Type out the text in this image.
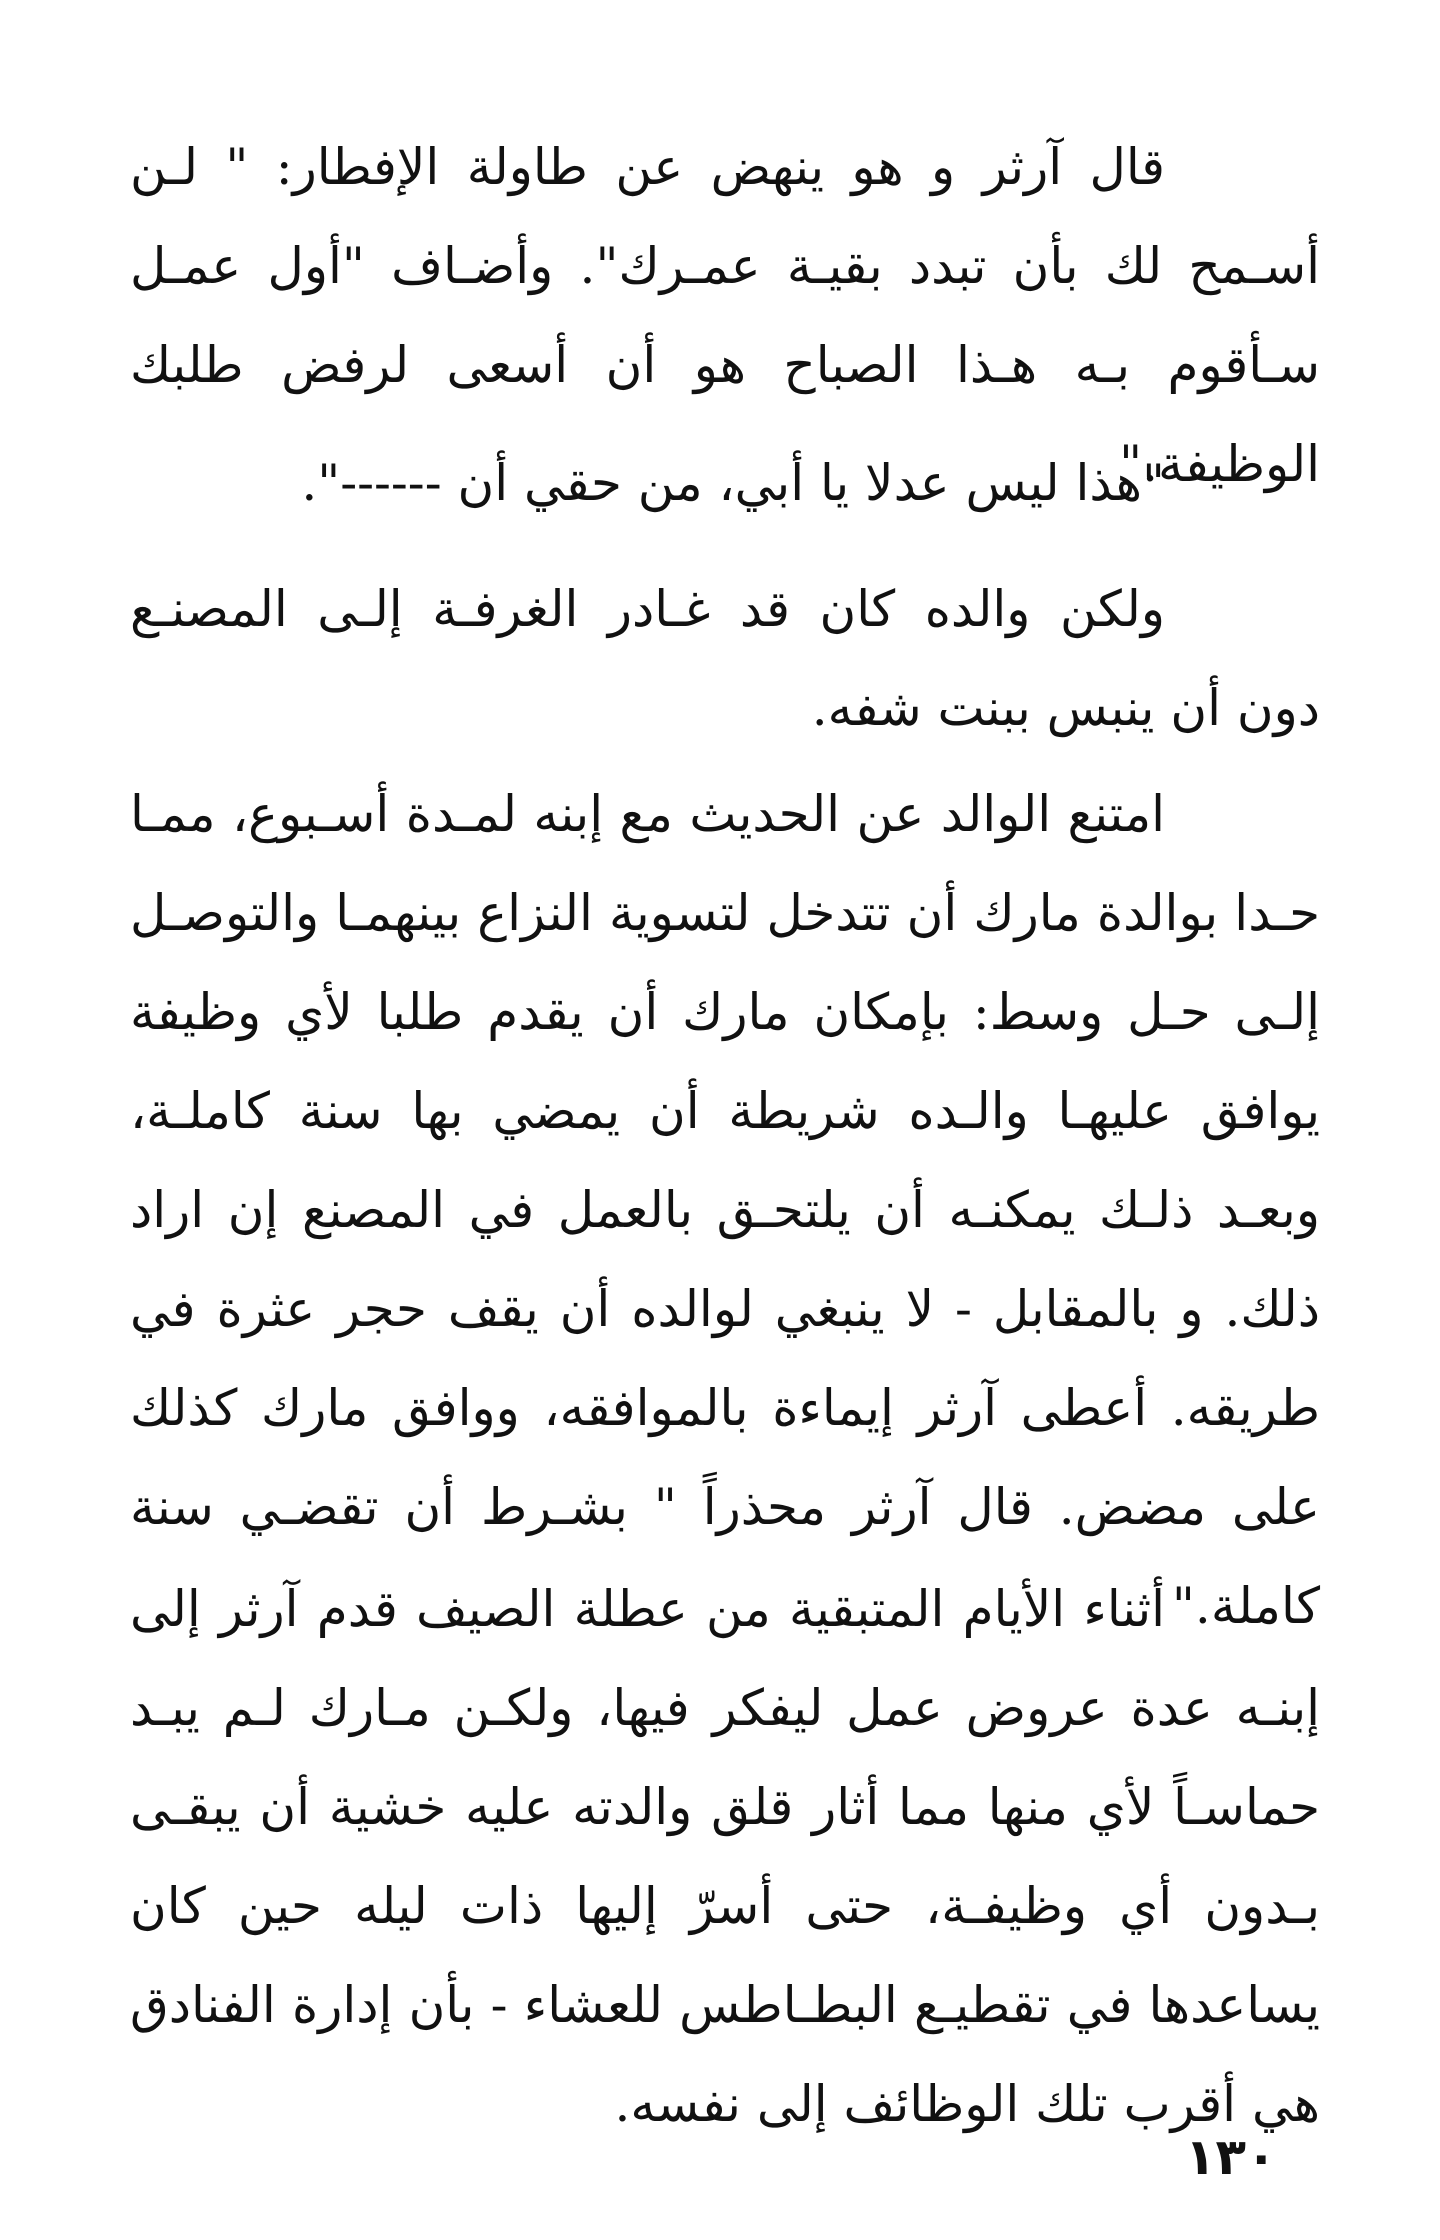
قال آرثر و هو ينهض عن طاولة الإفطار: " لـن أسـمح لك بأن تبدد بقيـة عمـرك". وأضـاف "أول عمـل سـأقوم بـه هـذا الصباح هو أن أسعى لرفض طلبك الوظيفة."

"هذا ليس عدلا يا أبي، من حقي أن ------".

ولكن والده كان قد غـادر الغرفـة إلـى المصنـع دون أن ينبس ببنت شفه.

امتنع الوالد عن الحديث مع إبنه لمـدة أسـبوع، ممـا حـدا بوالدة مارك أن تتدخل لتسوية النزاع بينهمـا والتوصـل إلـى حـل وسط: بإمكان مارك أن يقدم طلبا لأي وظيفة يوافق عليهـا والـده شريطة أن يمضي بها سنة كاملـة، وبعـد ذلـك يمكنـه أن يلتحـق بالعمل في المصنع إن اراد ذلك. و بالمقابل - لا ينبغي لوالده أن يقف حجر عثرة في طريقه. أعطى آرثر إيماءة بالموافقه، ووافق مارك كذلك على مضض. قال آرثر محذراً " بشـرط أن تقضـي سنة كاملة."

أثناء الأيام المتبقية من عطلة الصيف قدم آرثر إلى إبنـه عدة عروض عمل ليفكر فيها، ولكـن مـارك لـم يبـد حماسـاً لأي منها مما أثار قلق والدته عليه خشية أن يبقـى بـدون أي وظيفـة، حتى أسرّ إليها ذات ليله حين كان يساعدها في تقطيـع البطـاطس للعشاء - بأن إدارة الفنادق هي أقرب تلك الوظائف إلى نفسه.

١٣٠
